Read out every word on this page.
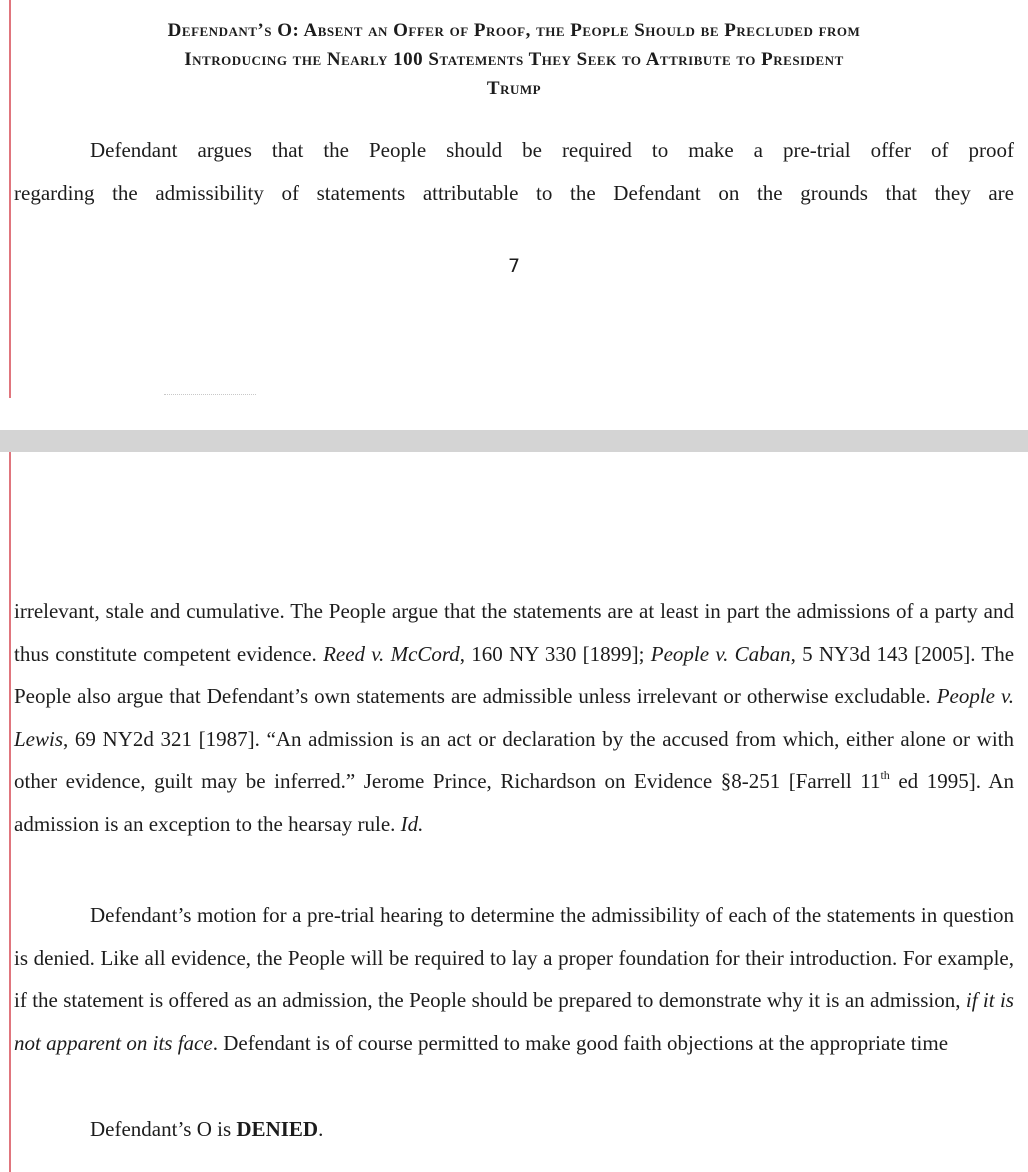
Defendant’s O: Absent an Offer of Proof, the People Should be Precluded from
Introducing the Nearly 100 Statements They Seek to Attribute to President
Trump
Defendant argues that the People should be required to make a pre-trial offer of proof
regarding the admissibility of statements attributable to the Defendant on the grounds that they are
7

irrelevant, stale and cumulative. The People argue that the statements are at least in part the admissions of a party and thus constitute competent evidence. Reed v. McCord, 160 NY 330 [1899]; People v. Caban, 5 NY3d 143 [2005]. The People also argue that Defendant’s own statements are admissible unless irrelevant or otherwise excludable. People v. Lewis, 69 NY2d 321 [1987]. “An admission is an act or declaration by the accused from which, either alone or with other evidence, guilt may be inferred.” Jerome Prince, Richardson on Evidence §8-251 [Farrell 11th ed 1995]. An admission is an exception to the hearsay rule. Id.

Defendant’s motion for a pre-trial hearing to determine the admissibility of each of the statements in question is denied. Like all evidence, the People will be required to lay a proper foundation for their introduction. For example, if the statement is offered as an admission, the People should be prepared to demonstrate why it is an admission, if it is not apparent on its face. Defendant is of course permitted to make good faith objections at the appropriate time

Defendant’s O is DENIED.
